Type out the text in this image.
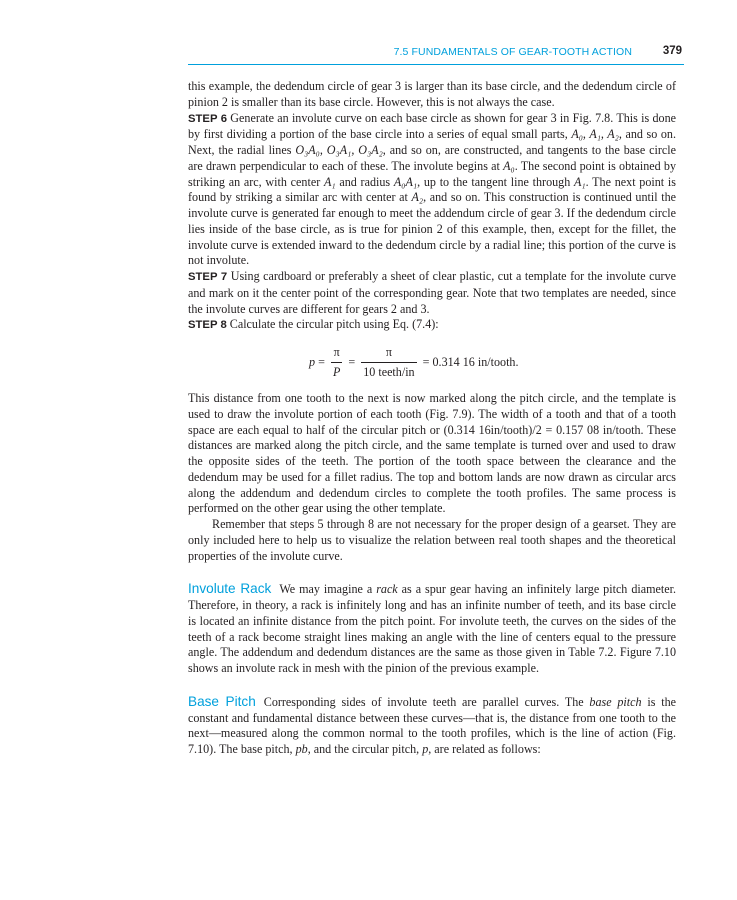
7.5 FUNDAMENTALS OF GEAR-TOOTH ACTION	379

this example, the dedendum circle of gear 3 is larger than its base circle, and the dedendum circle of pinion 2 is smaller than its base circle. However, this is not always the case.

STEP 6 Generate an involute curve on each base circle as shown for gear 3 in Fig. 7.8. This is done by first dividing a portion of the base circle into a series of equal small parts, A₀, A₁, A₂, and so on. Next, the radial lines O₃A₀, O₃A₁, O₃A₂, and so on, are constructed, and tangents to the base circle are drawn perpendicular to each of these. The involute begins at A₀. The second point is obtained by striking an arc, with center A₁ and radius A₀A₁, up to the tangent line through A₁. The next point is found by striking a similar arc with center at A₂, and so on. This construction is continued until the involute curve is generated far enough to meet the addendum circle of gear 3. If the dedendum circle lies inside of the base circle, as is true for pinion 2 of this example, then, except for the fillet, the involute curve is extended inward to the dedendum circle by a radial line; this portion of the curve is not involute.

STEP 7 Using cardboard or preferably a sheet of clear plastic, cut a template for the involute curve and mark on it the center point of the corresponding gear. Note that two templates are needed, since the involute curves are different for gears 2 and 3.

STEP 8 Calculate the circular pitch using Eq. (7.4):

$p = \frac{\pi}{P} = \frac{\pi}{\text{10 teeth/in}} = 0.314$ 16 in/tooth.

This distance from one tooth to the next is now marked along the pitch circle, and the template is used to draw the involute portion of each tooth (Fig. 7.9). The width of a tooth and that of a tooth space are each equal to half of the circular pitch or (0.314 16in/tooth)/2 = 0.157 08 in/tooth. These distances are marked along the pitch circle, and the same template is turned over and used to draw the opposite sides of the teeth. The portion of the tooth space between the clearance and the dedendum may be used for a fillet radius. The top and bottom lands are now drawn as circular arcs along the addendum and dedendum circles to complete the tooth profiles. The same process is performed on the other gear using the other template.

Remember that steps 5 through 8 are not necessary for the proper design of a gearset. They are only included here to help us to visualize the relation between real tooth shapes and the theoretical properties of the involute curve.

Involute Rack We may imagine a rack as a spur gear having an infinitely large pitch diameter. Therefore, in theory, a rack is infinitely long and has an infinite number of teeth, and its base circle is located an infinite distance from the pitch point. For involute teeth, the curves on the sides of the teeth of a rack become straight lines making an angle with the line of centers equal to the pressure angle. The addendum and dedendum distances are the same as those given in Table 7.2. Figure 7.10 shows an involute rack in mesh with the pinion of the previous example.

Base Pitch Corresponding sides of involute teeth are parallel curves. The base pitch is the constant and fundamental distance between these curves—that is, the distance from one tooth to the next—measured along the common normal to the tooth profiles, which is the line of action (Fig. 7.10). The base pitch, pb, and the circular pitch, p, are related as follows:
